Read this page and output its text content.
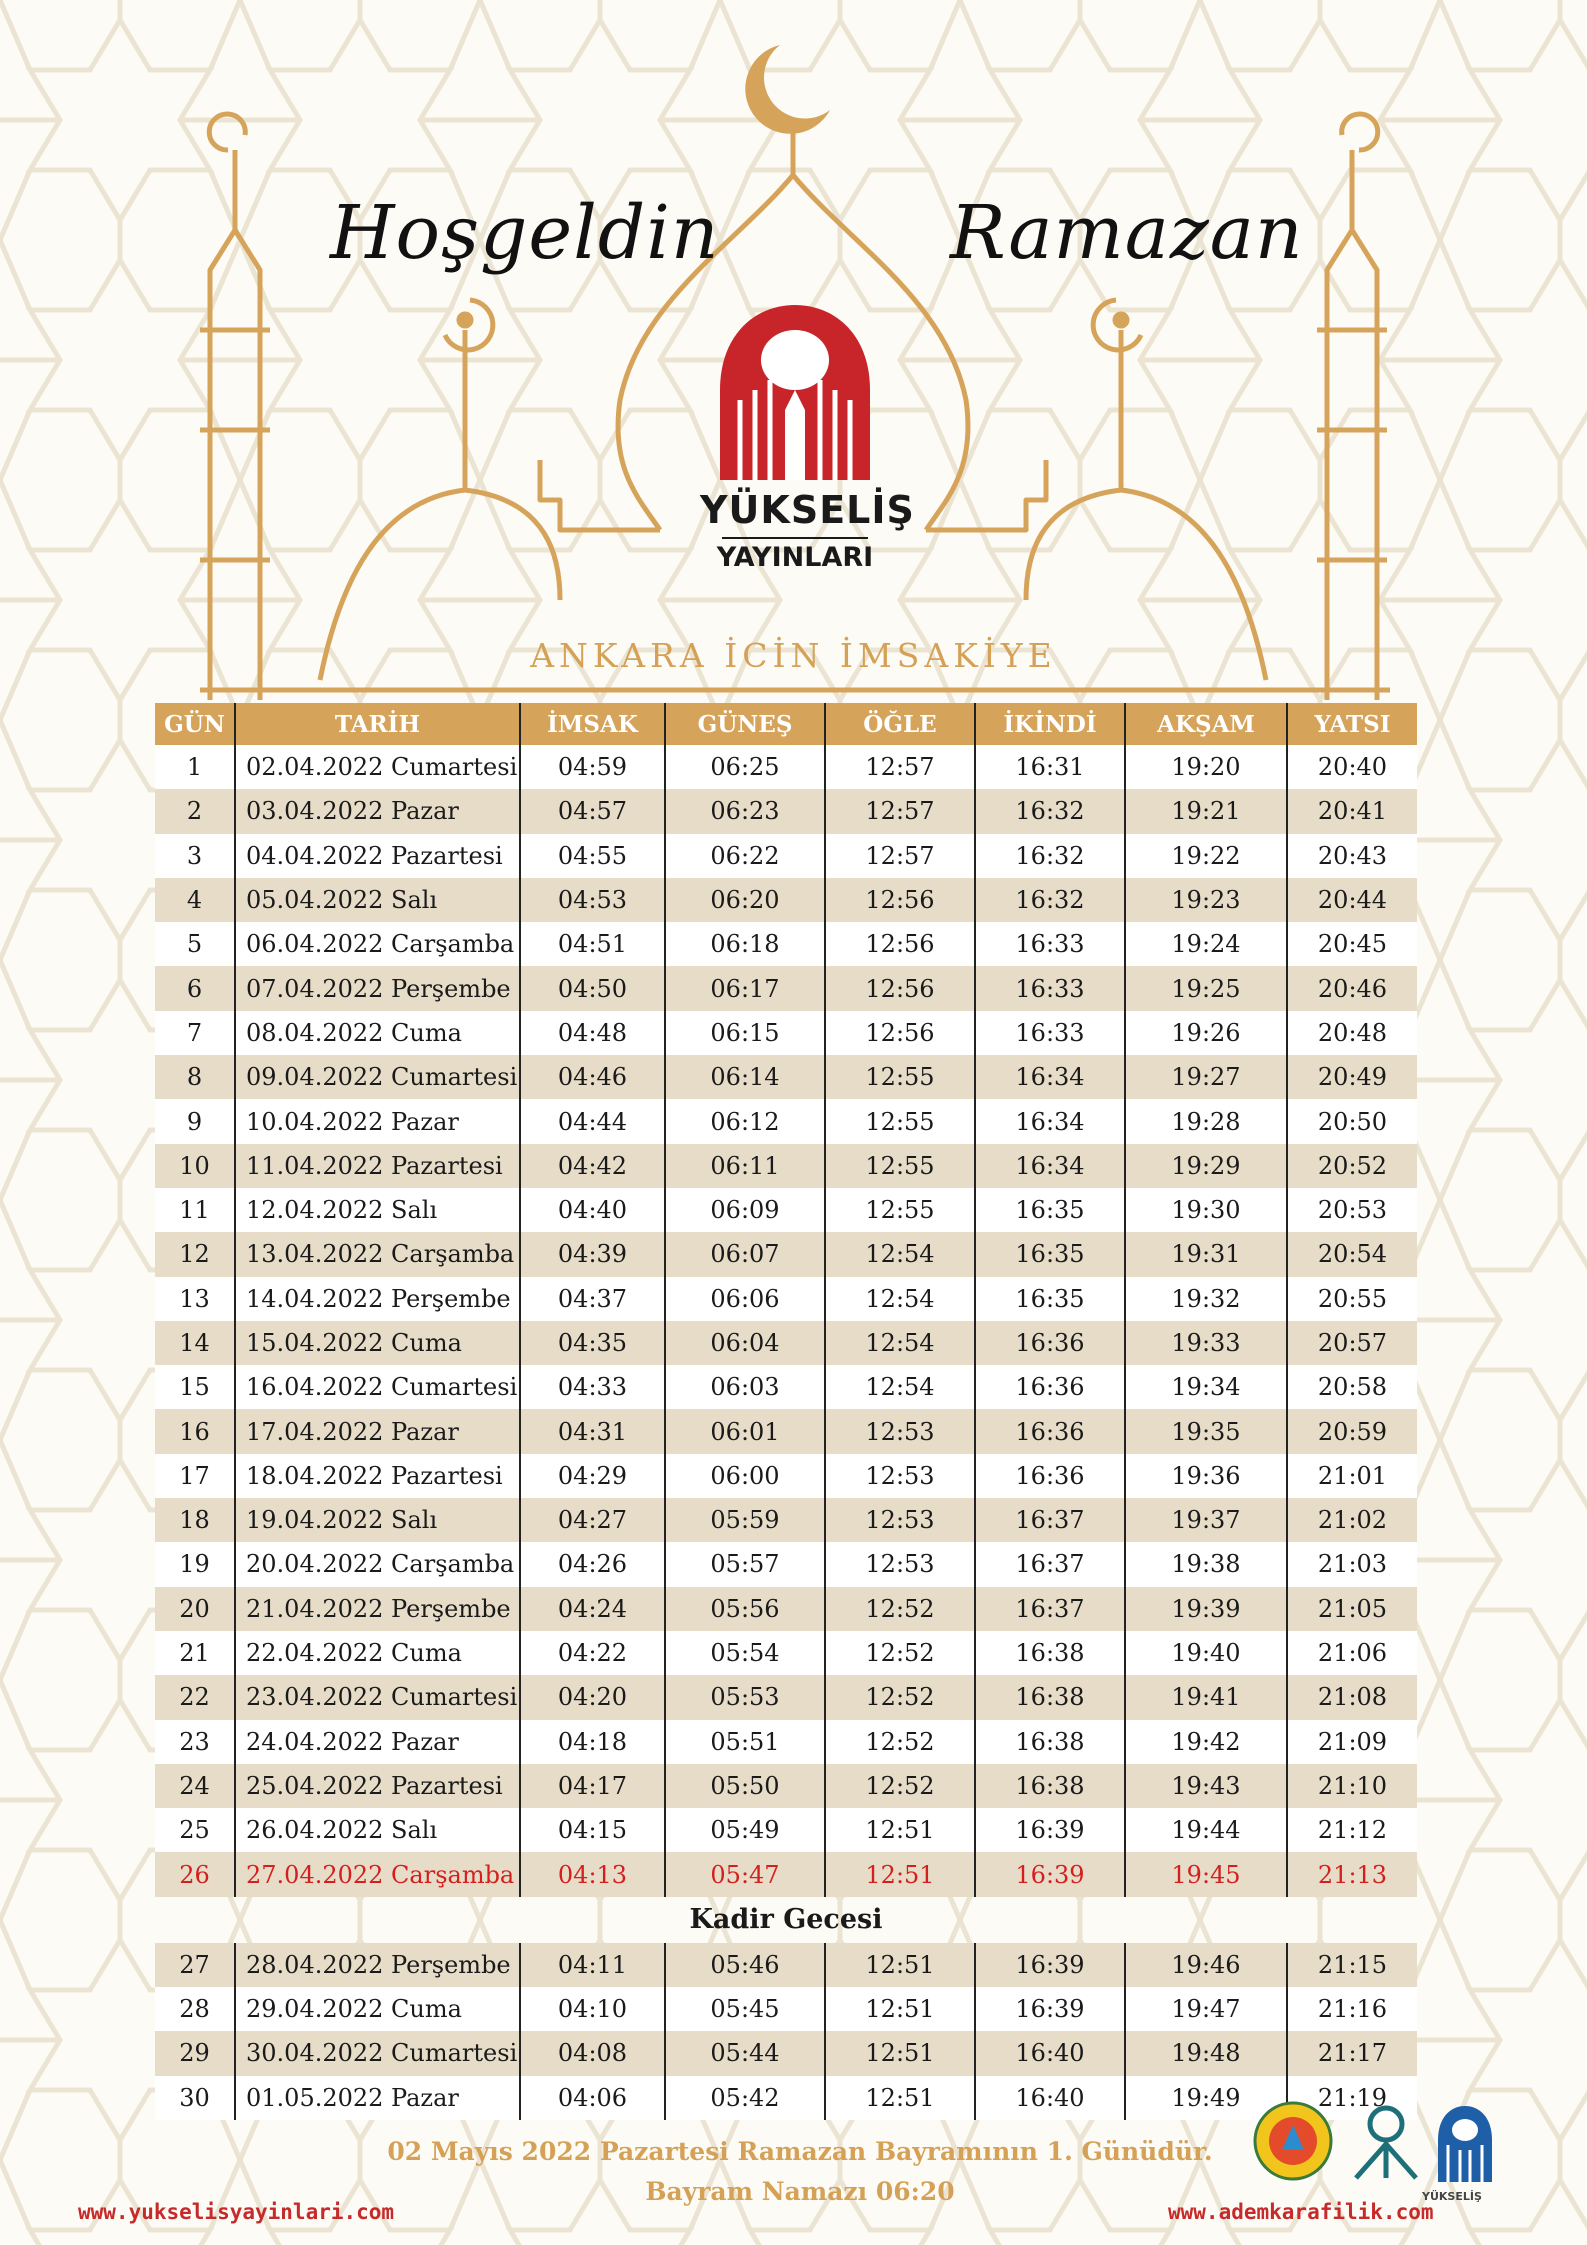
Hoşgeldin	Ramazan
YÜKSELİŞ
YAYINLARI
ANKARA İCİN İMSAKİYE
GÜN	TARİH	İMSAK	GÜNEŞ	ÖĞLE	İKİNDİ	AKŞAM	YATSI
1	02.04.2022 Cumartesi	04:59	06:25	12:57	16:31	19:20	20:40
2	03.04.2022 Pazar	04:57	06:23	12:57	16:32	19:21	20:41
3	04.04.2022 Pazartesi	04:55	06:22	12:57	16:32	19:22	20:43
4	05.04.2022 Salı	04:53	06:20	12:56	16:32	19:23	20:44
5	06.04.2022 Carşamba	04:51	06:18	12:56	16:33	19:24	20:45
6	07.04.2022 Perşembe	04:50	06:17	12:56	16:33	19:25	20:46
7	08.04.2022 Cuma	04:48	06:15	12:56	16:33	19:26	20:48
8	09.04.2022 Cumartesi	04:46	06:14	12:55	16:34	19:27	20:49
9	10.04.2022 Pazar	04:44	06:12	12:55	16:34	19:28	20:50
10	11.04.2022 Pazartesi	04:42	06:11	12:55	16:34	19:29	20:52
11	12.04.2022 Salı	04:40	06:09	12:55	16:35	19:30	20:53
12	13.04.2022 Carşamba	04:39	06:07	12:54	16:35	19:31	20:54
13	14.04.2022 Perşembe	04:37	06:06	12:54	16:35	19:32	20:55
14	15.04.2022 Cuma	04:35	06:04	12:54	16:36	19:33	20:57
15	16.04.2022 Cumartesi	04:33	06:03	12:54	16:36	19:34	20:58
16	17.04.2022 Pazar	04:31	06:01	12:53	16:36	19:35	20:59
17	18.04.2022 Pazartesi	04:29	06:00	12:53	16:36	19:36	21:01
18	19.04.2022 Salı	04:27	05:59	12:53	16:37	19:37	21:02
19	20.04.2022 Carşamba	04:26	05:57	12:53	16:37	19:38	21:03
20	21.04.2022 Perşembe	04:24	05:56	12:52	16:37	19:39	21:05
21	22.04.2022 Cuma	04:22	05:54	12:52	16:38	19:40	21:06
22	23.04.2022 Cumartesi	04:20	05:53	12:52	16:38	19:41	21:08
23	24.04.2022 Pazar	04:18	05:51	12:52	16:38	19:42	21:09
24	25.04.2022 Pazartesi	04:17	05:50	12:52	16:38	19:43	21:10
25	26.04.2022 Salı	04:15	05:49	12:51	16:39	19:44	21:12
26	27.04.2022 Carşamba	04:13	05:47	12:51	16:39	19:45	21:13
Kadir Gecesi							
27	28.04.2022 Perşembe	04:11	05:46	12:51	16:39	19:46	21:15
28	29.04.2022 Cuma	04:10	05:45	12:51	16:39	19:47	21:16
29	30.04.2022 Cumartesi	04:08	05:44	12:51	16:40	19:48	21:17
30	01.05.2022 Pazar	04:06	05:42	12:51	16:40	19:49	21:19
02 Mayıs 2022 Pazartesi Ramazan Bayramının 1. Günüdür.
Bayram Namazı 06:20
www.yukselisyayinlari.com	www.ademkarafilik.com
YÜKSELİŞ
